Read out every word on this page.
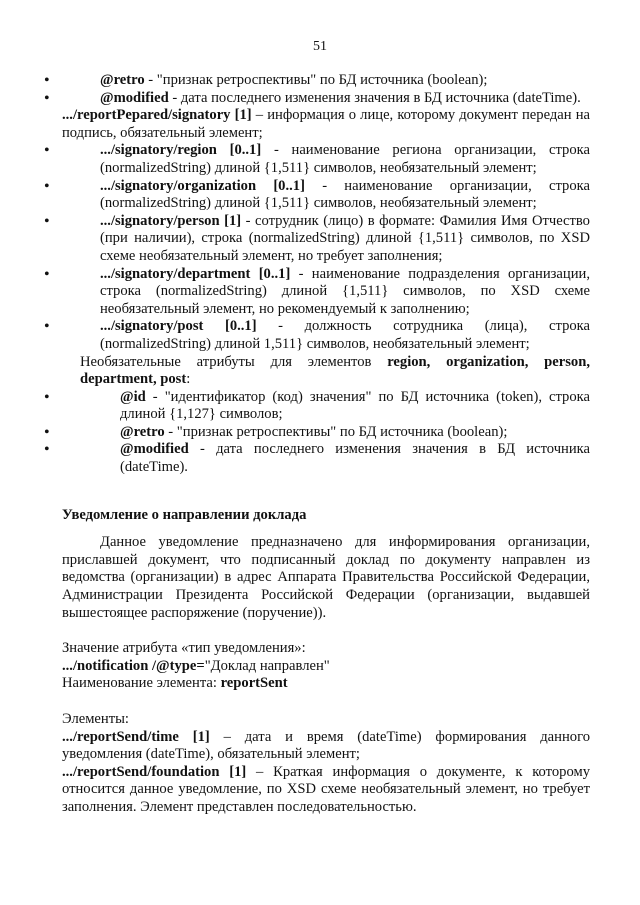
51
• @retro - "признак ретроспективы" по БД источника (boolean);
• @modified - дата последнего изменения значения в БД источника (dateTime).

.../reportPepared/signatory [1] – информация о лице, которому документ передан на подпись, обязательный элемент;

• .../signatory/region [0..1] - наименование региона организации, строка (normalizedString) длиной {1,511} символов, необязательный элемент;
• .../signatory/organization [0..1] - наименование организации, строка (normalizedString) длиной {1,511} символов, необязательный элемент;
• .../signatory/person [1] - сотрудник (лицо) в формате: Фамилия Имя Отчество (при наличии), строка (normalizedString) длиной {1,511} символов, по XSD схеме необязательный элемент, но требует заполнения;
• .../signatory/department [0..1] - наименование подразделения организации, строка (normalizedString) длиной {1,511} символов, по XSD схеме необязательный элемент, но рекомендуемый к заполнению;
• .../signatory/post [0..1] - должность сотрудника (лица), строка (normalizedString) длиной 1,511} символов, необязательный элемент;

Необязательные атрибуты для элементов region, organization, person, department, post:

• @id - "идентификатор (код) значения" по БД источника (token), строка длиной {1,127} символов;
• @retro - "признак ретроспективы" по БД источника (boolean);
• @modified - дата последнего изменения значения в БД источника (dateTime).

Уведомление о направлении доклада

Данное уведомление предназначено для информирования организации, приславшей документ, что подписанный доклад по документу направлен из ведомства (организации) в адрес Аппарата Правительства Российской Федерации, Администрации Президента Российской Федерации (организации, выдавшей вышестоящее распоряжение (поручение)).

Значение атрибута «тип уведомления»:

.../notification /@type="Доклад направлен"

Наименование элемента: reportSent

Элементы:

.../reportSend/time [1] – дата и время (dateTime) формирования данного уведомления (dateTime), обязательный элемент;

.../reportSend/foundation [1] – Краткая информация о документе, к которому относится данное уведомление, по XSD схеме необязательный элемент, но требует заполнения. Элемент представлен последовательностью.
